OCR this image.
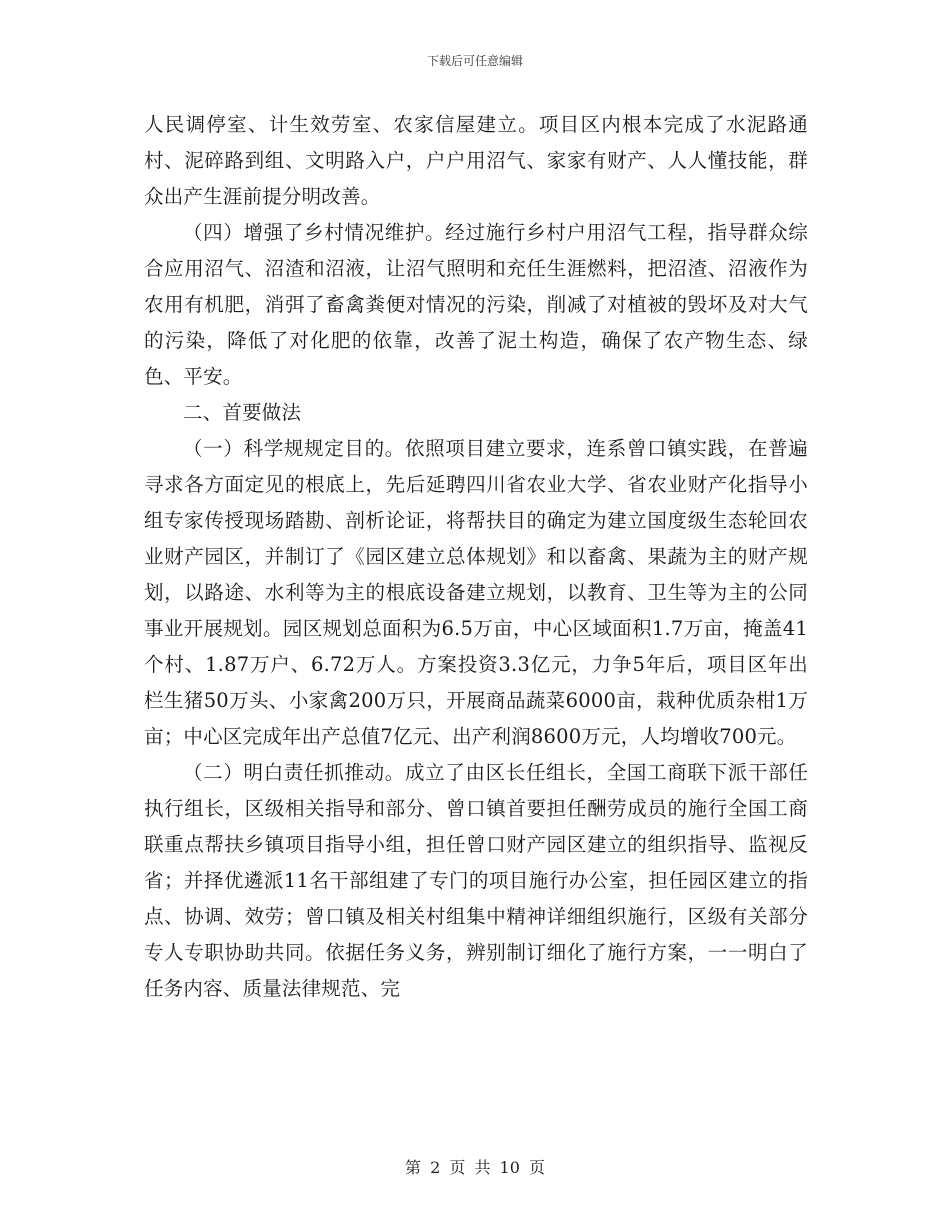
下载后可任意编辑

人民调停室、计生效劳室、农家信屋建立。项目区内根本完成了水泥路通村、泥碎路到组、文明路入户，户户用沼气、家家有财产、人人懂技能，群众出产生涯前提分明改善。

（四）增强了乡村情况维护。经过施行乡村户用沼气工程，指导群众综合应用沼气、沼渣和沼液，让沼气照明和充任生涯燃料，把沼渣、沼液作为农用有机肥，消弭了畜禽粪便对情况的污染，削减了对植被的毁坏及对大气的污染，降低了对化肥的依靠，改善了泥土构造，确保了农产物生态、绿色、平安。

二、首要做法

（一）科学规规定目的。依照项目建立要求，连系曾口镇实践，在普遍寻求各方面定见的根底上，先后延聘四川省农业大学、省农业财产化指导小组专家传授现场踏勘、剖析论证，将帮扶目的确定为建立国度级生态轮回农业财产园区，并制订了《园区建立总体规划》和以畜禽、果蔬为主的财产规划，以路途、水利等为主的根底设备建立规划，以教育、卫生等为主的公同事业开展规划。园区规划总面积为6.5万亩，中心区域面积1.7万亩，掩盖41个村、1.87万户、6.72万人。方案投资3.3亿元，力争5年后，项目区年出栏生猪50万头、小家禽200万只，开展商品蔬菜6000亩，栽种优质杂柑1万亩；中心区完成年出产总值7亿元、出产利润8600万元，人均增收700元。

（二）明白责任抓推动。成立了由区长任组长，全国工商联下派干部任执行组长，区级相关指导和部分、曾口镇首要担任酬劳成员的施行全国工商联重点帮扶乡镇项目指导小组，担任曾口财产园区建立的组织指导、监视反省；并择优遴派11名干部组建了专门的项目施行办公室，担任园区建立的指点、协调、效劳；曾口镇及相关村组集中精神详细组织施行，区级有关部分专人专职协助共同。依据任务义务，辨别制订细化了施行方案，一一明白了任务内容、质量法律规范、完

第 2 页 共 10 页
